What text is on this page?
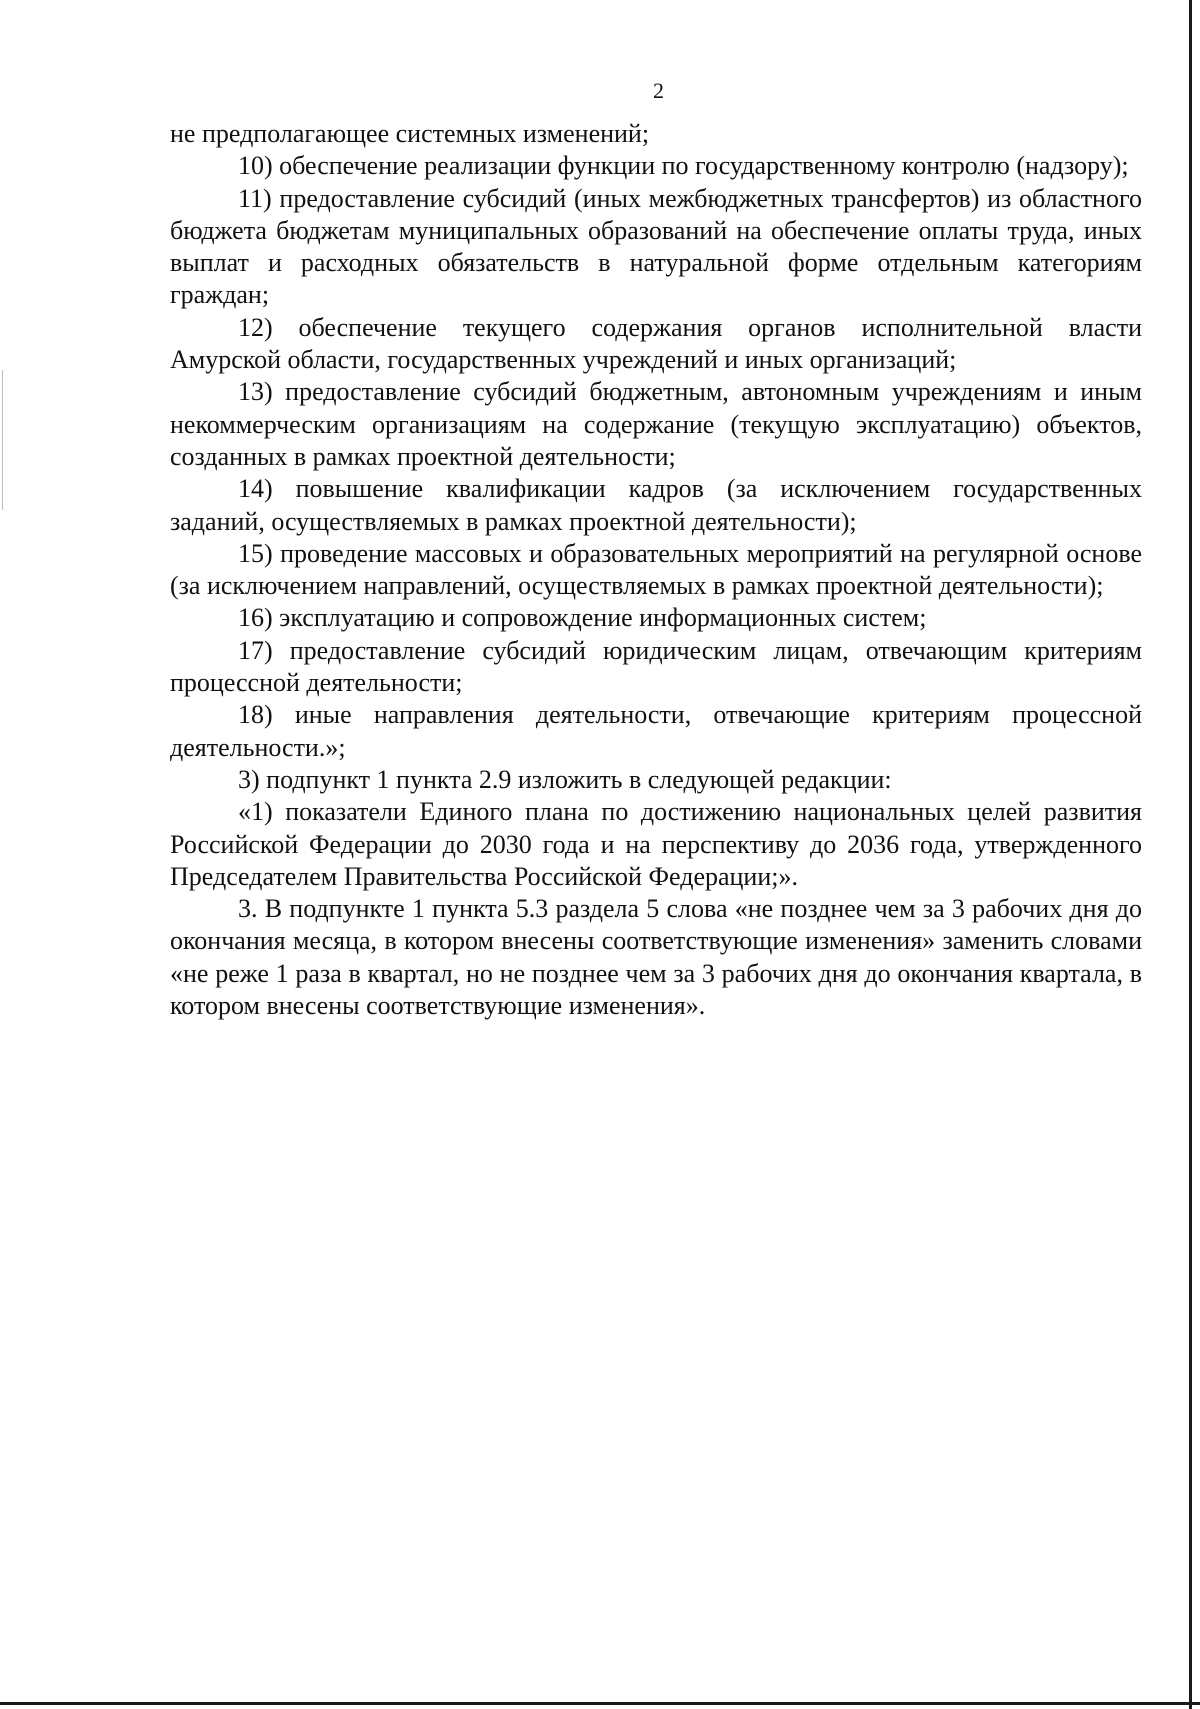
2

не предполагающее системных изменений;

10) обеспечение реализации функции по государственному контролю (надзору);

11) предоставление субсидий (иных межбюджетных трансфертов) из областного бюджета бюджетам муниципальных образований на обеспечение оплаты труда, иных выплат и расходных обязательств в натуральной форме отдельным категориям граждан;

12) обеспечение текущего содержания органов исполнительной власти Амурской области, государственных учреждений и иных организаций;

13) предоставление субсидий бюджетным, автономным учреждениям и иным некоммерческим организациям на содержание (текущую эксплуатацию) объектов, созданных в рамках проектной деятельности;

14) повышение квалификации кадров (за исключением государственных заданий, осуществляемых в рамках проектной деятельности);

15) проведение массовых и образовательных мероприятий на регулярной основе (за исключением направлений, осуществляемых в рамках проектной деятельности);

16) эксплуатацию и сопровождение информационных систем;

17) предоставление субсидий юридическим лицам, отвечающим критериям процессной деятельности;

18) иные направления деятельности, отвечающие критериям процессной деятельности.»;

3) подпункт 1 пункта 2.9 изложить в следующей редакции:

«1) показатели Единого плана по достижению национальных целей развития Российской Федерации до 2030 года и на перспективу до 2036 года, утвержденного Председателем Правительства Российской Федерации;».

3. В подпункте 1 пункта 5.3 раздела 5 слова «не позднее чем за 3 рабочих дня до окончания месяца, в котором внесены соответствующие изменения» заменить словами «не реже 1 раза в квартал, но не позднее чем за 3 рабочих дня до окончания квартала, в котором внесены соответствующие изменения».
